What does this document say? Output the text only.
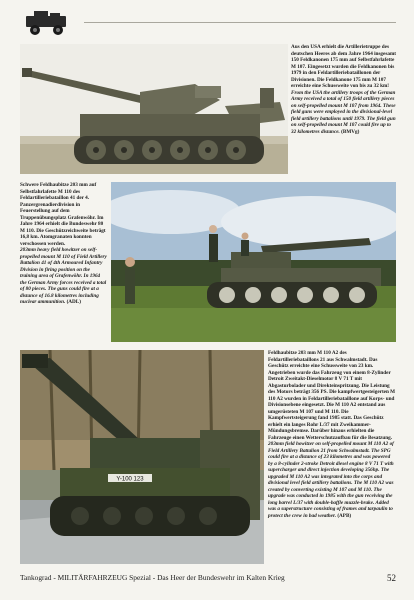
Aus den USA erhielt die Artillerietruppe des deutschen Heeres ab dem Jahre 1964 insgesamt 150 Feldkanonen 175 mm auf Selbstfahrlafette M 107. Eingesetzt wurden die Feldkanonen bis 1979 in den Feldartilleriebataillonen der Divisionen. Die Feldkanone 175 mm M 107 erreichte eine Schussweite von bis zu 32 km!

From the USA the artillery troops of the German Army received a total of 150 field artillery pieces on self-propelled mount M 107 from 1964. These field guns were employed in the divisional-level field artillery battalions until 1979. The field gun on self-propelled mount M 107 could fire up to 32 kilometres distance. (BMVg)

Schwere Feldhaubitze 203 mm auf Selbstfahrlafette M 110 des Feldartilleriebataillon 41 der 4. Panzergrenadierdivision in Feuerstellung auf dem Truppenübungsplatz Grafenwöhr. Im Jahre 1964 erhielt die Bundeswehr 80 M 110. Die Geschützreichweite beträgt 16,8 km. Atomgranaten konnten verschossen werden.

203mm heavy field howitzer on self-propelled mount M 110 of Field Artillery Battalion 41 of 4th Armoured Infantry Division in firing position on the training area of Grafenwöhr. In 1964 the German Army forces received a total of 80 pieces. The guns could fire at a distance of 16.8 kilometres including nuclear ammunition. (ADL)

Y-100 123

Feldhaubitze 203 mm M 110 A2 des Feldartilleriebataillons 21 aus Schwalmstadt. Das Geschütz erreichte eine Schussweite von 23 km. Angetrieben wurde das Fahrzeug von einem 8-Zylinder Detroit Zweitakt-Dieselmotor 8 V 71 T mit Abgasturbolader und Direkteinspritzung. Die Leistung des Motors beträgt 356 PS. Die kampfwertgesteigerten M 110 A2 wurden in Feldartilleriebataillone auf Korps- und Divisionsebene eingesetzt. Die M 110 A2 entstand aus umgerüsteten M 107 und M 110. Die Kampfwertsteigerung fand 1985 statt. Das Geschütz erhielt ein langes Rohr L/37 mit Zweikammer-Mündungsbremse. Darüber hinaus erhielten die Fahrzeuge einen Wetterschutzaufbau für die Besatzung.

203mm field howitzer on self-propelled mount M 110 A2 of Field Artillery Battalion 21 from Schwalmstadt. The SPG could fire at a distance of 23 kilometres and was powered by a 8-cylinder 2-stroke Detroit diesel engine 8 V 71 T with supercharger and direct injection developing 356hp. The upgraded M 110 A2 was integrated into the corps and divisional level field artillery battalions. The M 110 A2 was created by converting existing M 107 and M 110. The upgrade was conducted in 1985 with the gun receiving the long barrel L/37 with double-baffle muzzle-brake. Added was a superstructure consisting of frames and tarpaulin to protect the crew in bad weather. (APB)

Tankograd - MILITÄRFAHRZEUG Spezial - Das Heer der Bundeswehr im Kalten Krieg	52
